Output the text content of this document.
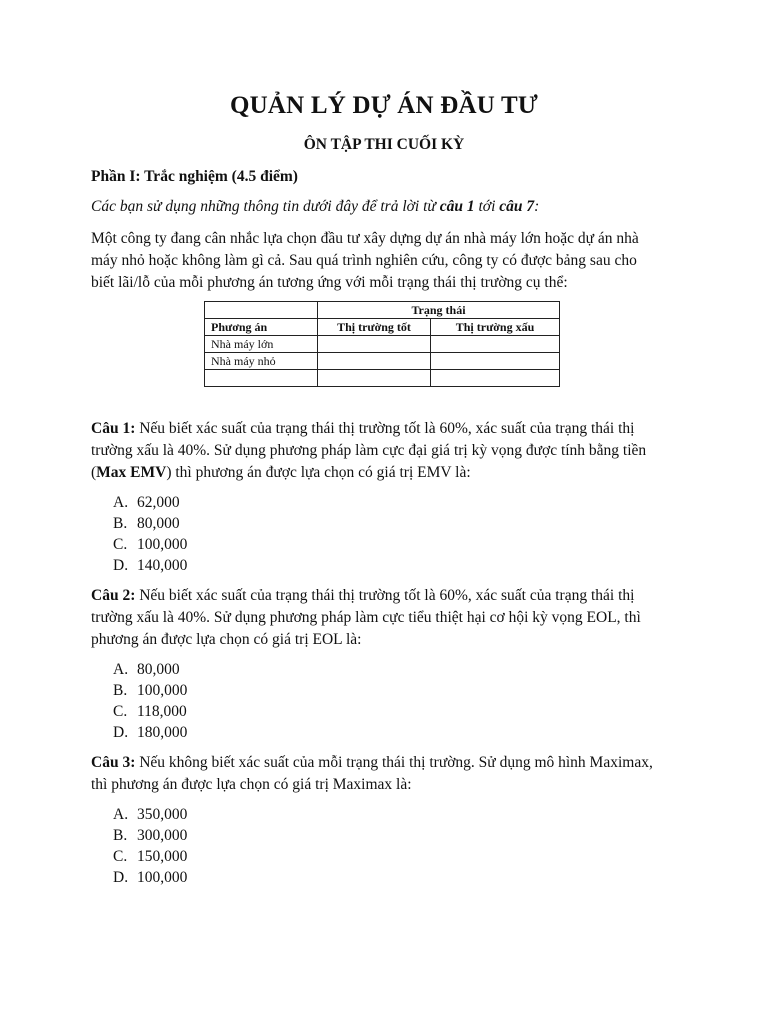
QUẢN LÝ DỰ ÁN ĐẦU TƯ
ÔN TẬP THI CUỐI KỲ
Phần I: Trắc nghiệm (4.5 điểm)
Các bạn sử dụng những thông tin dưới đây để trả lời từ câu 1 tới câu 7:
Một công ty đang cân nhắc lựa chọn đầu tư xây dựng dự án nhà máy lớn hoặc dự án nhà
máy nhỏ hoặc không làm gì cả. Sau quá trình nghiên cứu, công ty có được bảng sau cho
biết lãi/lỗ của mỗi phương án tương ứng với mỗi trạng thái thị trường cụ thể:
	Trạng thái	
Phương án	Thị trường tốt	Thị trường xấu
Nhà máy lớn		
Nhà máy nhỏ		

Câu 1: Nếu biết xác suất của trạng thái thị trường tốt là 60%, xác suất của trạng thái thị
trường xấu là 40%. Sử dụng phương pháp làm cực đại giá trị kỳ vọng được tính bằng tiền
(Max EMV) thì phương án được lựa chọn có giá trị EMV là:
A. 62,000
B. 80,000
C. 100,000
D. 140,000
Câu 2: Nếu biết xác suất của trạng thái thị trường tốt là 60%, xác suất của trạng thái thị
trường xấu là 40%. Sử dụng phương pháp làm cực tiểu thiệt hại cơ hội kỳ vọng EOL, thì
phương án được lựa chọn có giá trị EOL là:
A. 80,000
B. 100,000
C. 118,000
D. 180,000
Câu 3: Nếu không biết xác suất của mỗi trạng thái thị trường. Sử dụng mô hình Maximax,
thì phương án được lựa chọn có giá trị Maximax là:
A. 350,000
B. 300,000
C. 150,000
D. 100,000
